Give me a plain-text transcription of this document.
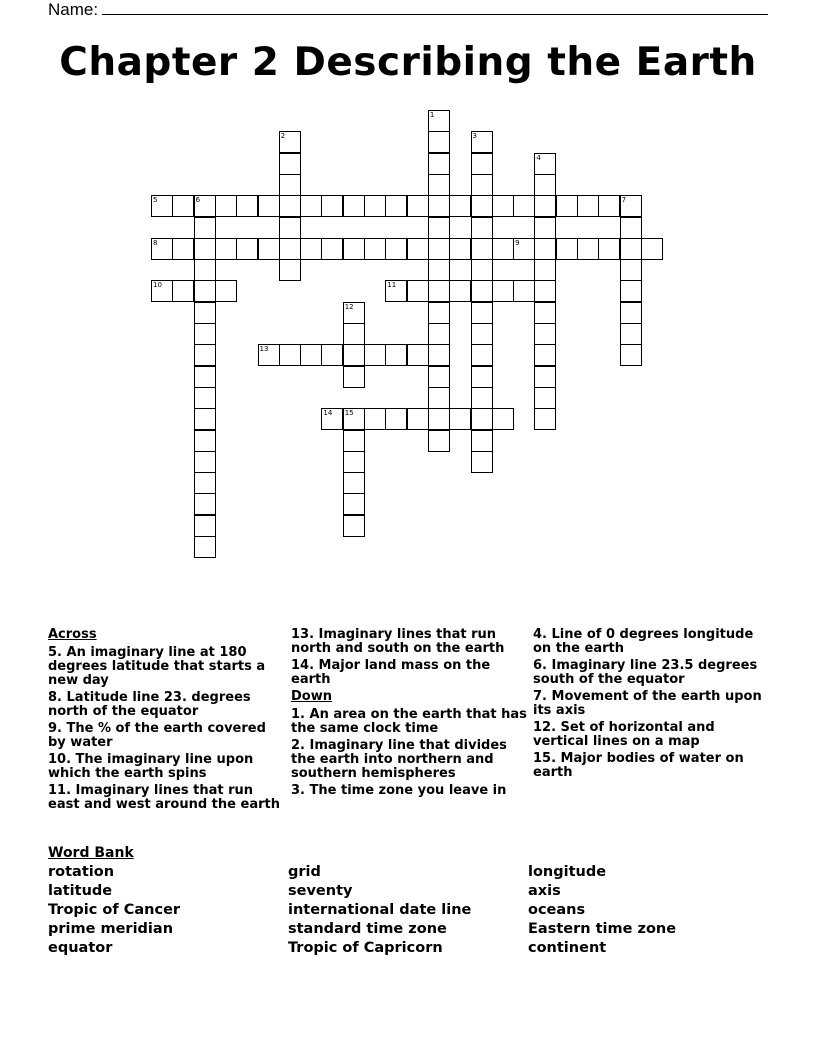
Name:
Chapter 2 Describing the Earth
5	6
8	9
10	11
13
14 15
1
2	3
4
12
7
Across
5. An imaginary line at 180 degrees latitude that starts a new day
8. Latitude line 23. degrees north of the equator
9. The % of the earth covered by water
10. The imaginary line upon which the earth spins
11. Imaginary lines that run east and west around the earth
13. Imaginary lines that run north and south on the earth
14. Major land mass on the earth
Down
1. An area on the earth that has the same clock time
2. Imaginary line that divides the earth into northern and southern hemispheres
3. The time zone you leave in
4. Line of 0 degrees longitude on the earth
6. Imaginary line 23.5 degrees south of the equator
7. Movement of the earth upon its axis
12. Set of horizontal and vertical lines on a map
15. Major bodies of water on earth
Word Bank
rotation
latitude
Tropic of Cancer
prime meridian
equator
grid
seventy
international date line
standard time zone
Tropic of Capricorn
longitude
axis
oceans
Eastern time zone
continent
